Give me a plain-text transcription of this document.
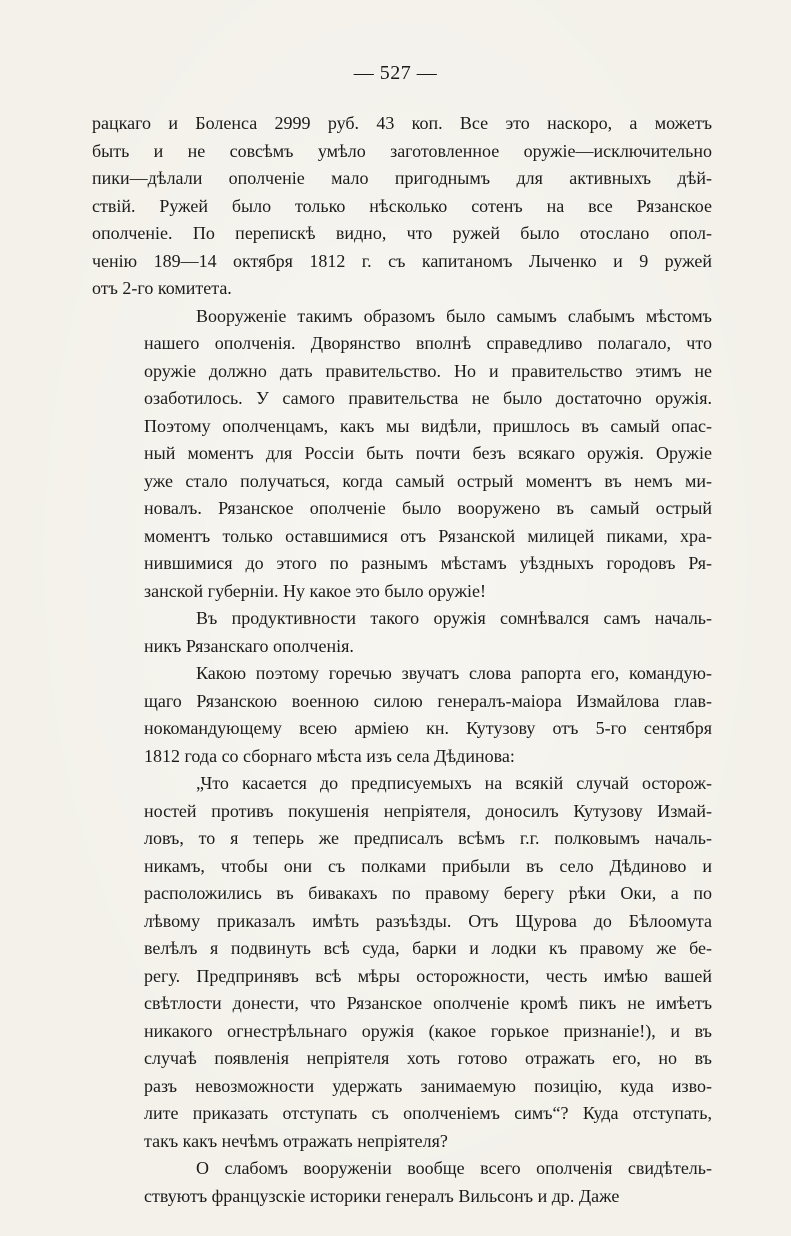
— 527 —
рацкаго и Боленса 2999 руб. 43 коп. Все это наскоро, а можетъ
быть и не совсѣмъ умѣло заготовленное оружіе—исключительно
пики—дѣлали ополченіе мало пригоднымъ для активныхъ дѣй-
ствій. Ружей было только нѣсколько сотенъ на все Рязанское
ополченіе. По перепискѣ видно, что ружей было отослано опол-
ченію 189—14 октября 1812 г. съ капитаномъ Лыченко и 9 ружей
отъ 2-го комитета.
Вооруженіе такимъ образомъ было самымъ слабымъ мѣстомъ
нашего ополченія. Дворянство вполнѣ справедливо полагало, что
оружіе должно дать правительство. Но и правительство этимъ не
озаботилось. У самого правительства не было достаточно оружія.
Поэтому ополченцамъ, какъ мы видѣли, пришлось въ самый опас-
ный моментъ для Россіи быть почти безъ всякаго оружія. Оружіе
уже стало получаться, когда самый острый моментъ въ немъ ми-
новалъ. Рязанское ополченіе было вооружено въ самый острый
моментъ только оставшимися отъ Рязанской милицей пиками, хра-
нившимися до этого по разнымъ мѣстамъ уѣздныхъ городовъ Ря-
занской губерніи. Ну какое это было оружіе!
Въ продуктивности такого оружія сомнѣвался самъ началь-
никъ Рязанскаго ополченія.
Какою поэтому горечью звучатъ слова рапорта его, командую-
щаго Рязанскою военною силою генералъ-маіора Измайлова глав-
нокомандующему всею арміею кн. Кутузову отъ 5-го сентября
1812 года со сборнаго мѣста изъ села Дѣдинова:
„Что касается до предписуемыхъ на всякій случай осторож-
ностей противъ покушенія непріятеля, доносилъ Кутузову Измай-
ловъ, то я теперь же предписалъ всѣмъ г.г. полковымъ началь-
никамъ, чтобы они съ полками прибыли въ село Дѣдиново и
расположились въ бивакахъ по правому берегу рѣки Оки, а по
лѣвому приказалъ имѣть разъѣзды. Отъ Щурова до Бѣлоомута
велѣлъ я подвинуть всѣ суда, барки и лодки къ правому же бе-
регу. Предпринявъ всѣ мѣры осторожности, честь имѣю вашей
свѣтлости донести, что Рязанское ополченіе кромѣ пикъ не имѣетъ
никакого огнестрѣльнаго оружія (какое горькое признаніе!), и въ
случаѣ появленія непріятеля хоть готово отражать его, но въ
разъ невозможности удержать занимаемую позицію, куда изво-
лите приказать отступать съ ополченіемъ симъ“? Куда отступать,
такъ какъ нечѣмъ отражать непріятеля?
О слабомъ вооруженіи вообще всего ополченія свидѣтель-
ствуютъ французскіе историки генералъ Вильсонъ и др. Даже
